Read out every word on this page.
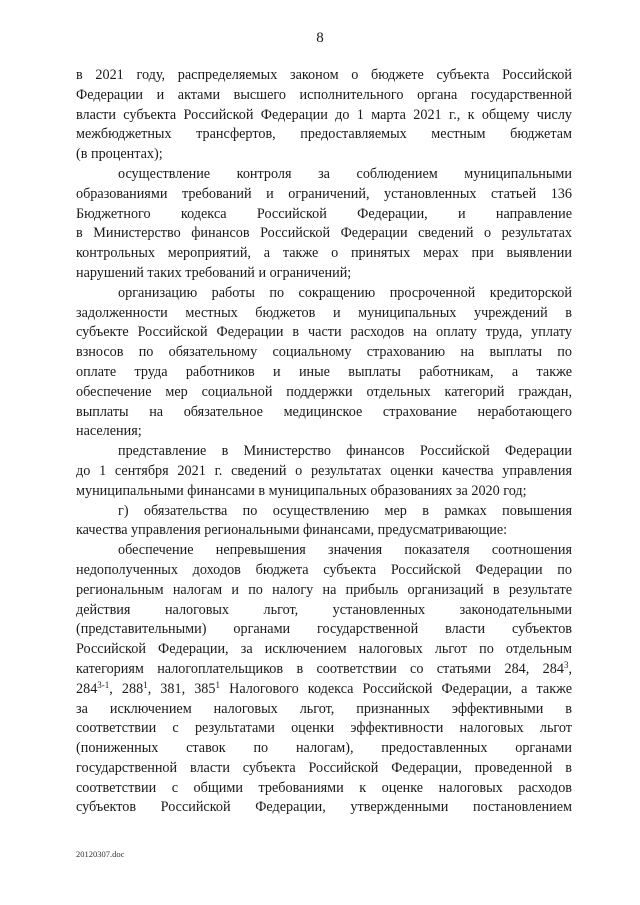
8
в 2021 году, распределяемых законом о бюджете субъекта Российской
Федерации и актами высшего исполнительного органа государственной
власти субъекта Российской Федерации до 1 марта 2021 г., к общему числу
межбюджетных трансфертов, предоставляемых местным бюджетам
(в процентах);
осуществление контроля за соблюдением муниципальными
образованиями требований и ограничений, установленных статьей 136
Бюджетного кодекса Российской Федерации, и направление
в Министерство финансов Российской Федерации сведений о результатах
контрольных мероприятий, а также о принятых мерах при выявлении
нарушений таких требований и ограничений;
организацию работы по сокращению просроченной кредиторской
задолженности местных бюджетов и муниципальных учреждений в
субъекте Российской Федерации в части расходов на оплату труда, уплату
взносов по обязательному социальному страхованию на выплаты по
оплате труда работников и иные выплаты работникам, а также
обеспечение мер социальной поддержки отдельных категорий граждан,
выплаты на обязательное медицинское страхование неработающего
населения;
представление в Министерство финансов Российской Федерации
до 1 сентября 2021 г. сведений о результатах оценки качества управления
муниципальными финансами в муниципальных образованиях за 2020 год;
г) обязательства по осуществлению мер в рамках повышения
качества управления региональными финансами, предусматривающие:
обеспечение непревышения значения показателя соотношения
недополученных доходов бюджета субъекта Российской Федерации по
региональным налогам и по налогу на прибыль организаций в результате
действия налоговых льгот, установленных законодательными
(представительными) органами государственной власти субъектов
Российской Федерации, за исключением налоговых льгот по отдельным
категориям налогоплательщиков в соответствии со статьями 284, $284^3$,
284$^{3-1}$, $288^1$, 381, $385^1$ Налогового кодекса Российской Федерации, а также
за исключением налоговых льгот, признанных эффективными в
соответствии с результатами оценки эффективности налоговых льгот
(пониженных ставок по налогам), предоставленных органами
государственной власти субъекта Российской Федерации, проведенной в
соответствии с общими требованиями к оценке налоговых расходов
субъектов Российской Федерации, утвержденными постановлением
20120307.doc
